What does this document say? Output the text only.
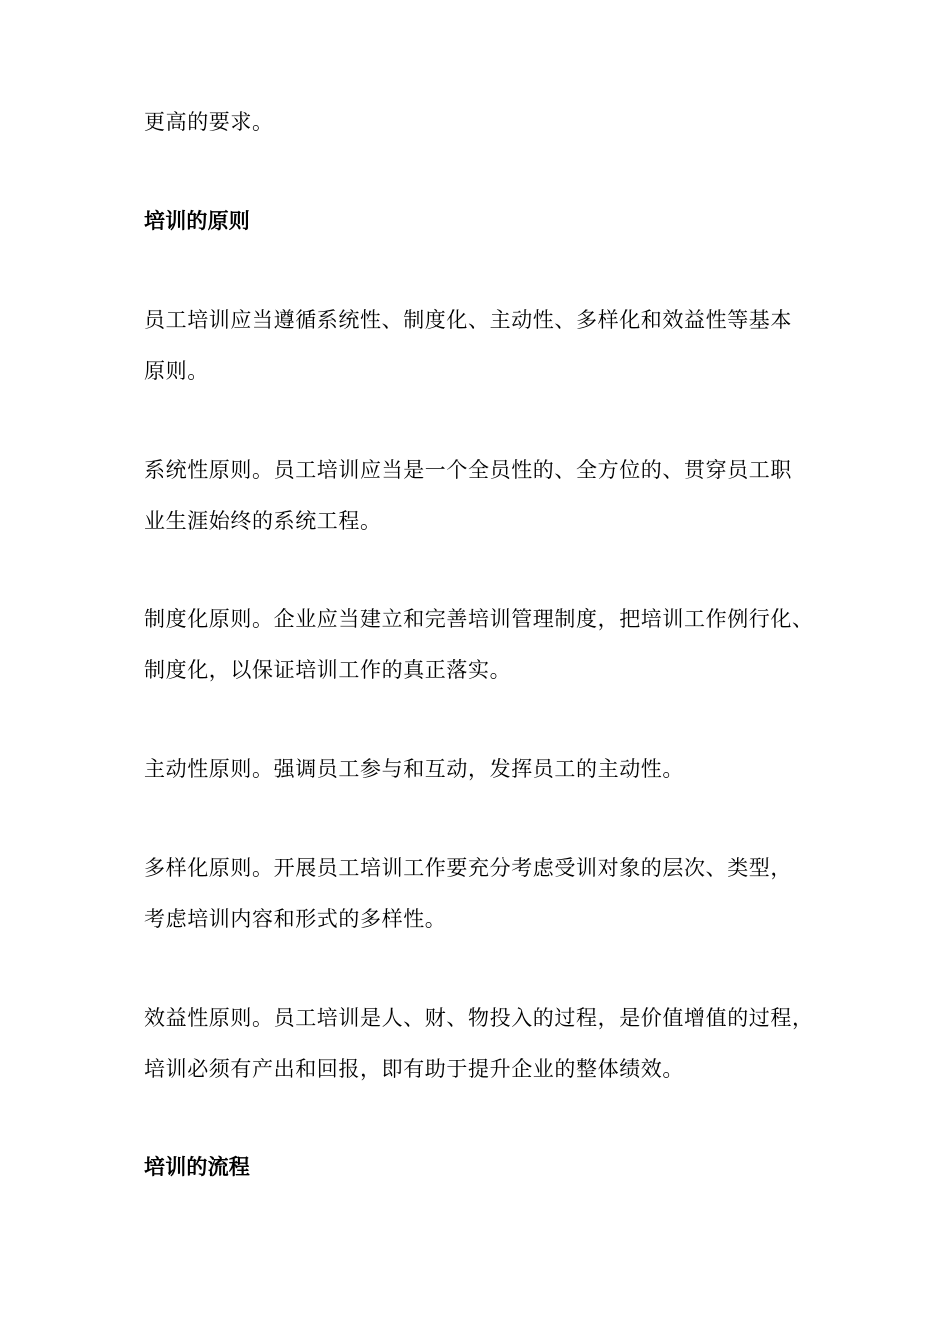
更高的要求。
培训的原则
员工培训应当遵循系统性、制度化、主动性、多样化和效益性等基本
原则。
系统性原则。员工培训应当是一个全员性的、全方位的、贯穿员工职
业生涯始终的系统工程。
制度化原则。企业应当建立和完善培训管理制度，把培训工作例行化、
制度化，以保证培训工作的真正落实。
主动性原则。强调员工参与和互动，发挥员工的主动性。
多样化原则。开展员工培训工作要充分考虑受训对象的层次、类型，
考虑培训内容和形式的多样性。
效益性原则。员工培训是人、财、物投入的过程，是价值增值的过程，
培训必须有产出和回报，即有助于提升企业的整体绩效。
培训的流程
